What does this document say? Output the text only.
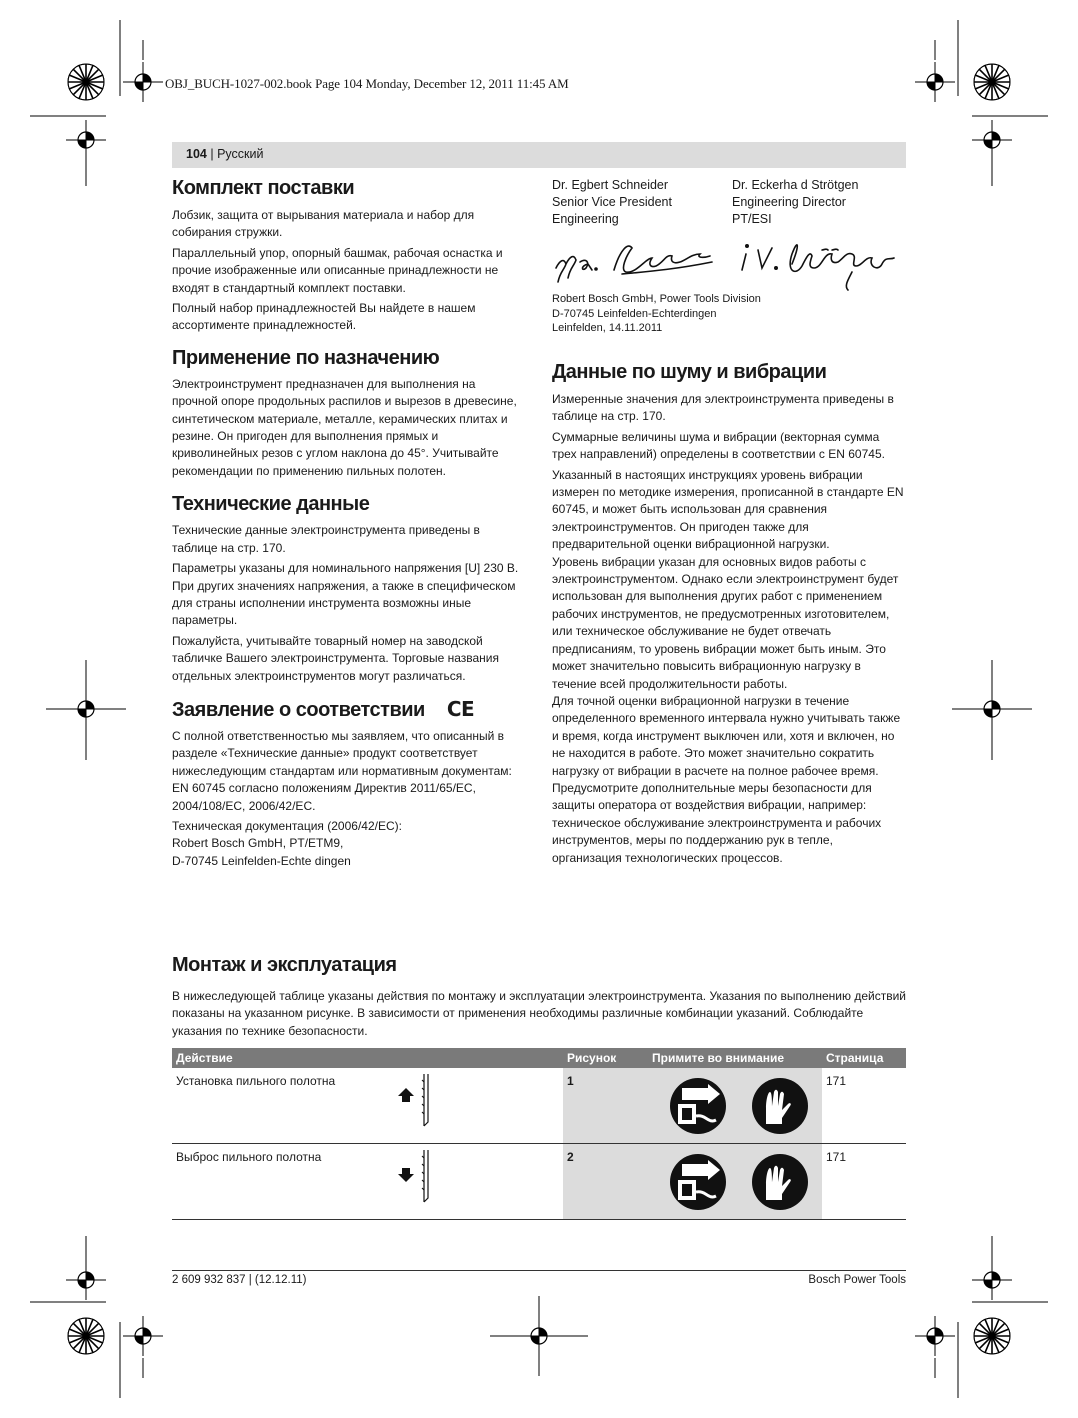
OBJ_BUCH-1027-002.book Page 104 Monday, December 12, 2011 11:45 AM
104 | Русский
Комплект поставки

Лобзик, защита от вырывания материала и набор для собирания стружки.

Параллельный упор, опорный башмак, рабочая оснастка и прочие изображенные или описанные принадлежности не входят в стандартный комплект поставки.

Полный набор принадлежностей Вы найдете в нашем ассортименте принадлежностей.

Применение по назначению

Электроинструмент предназначен для выполнения на прочной опоре продольных распилов и вырезов в древесине, синтетическом материале, металле, керамических плитах и резине. Он пригоден для выполнения прямых и криволинейных резов с углом наклона до 45°. Учитывайте рекомендации по применению пильных полотен.

Технические данные

Технические данные электроинструмента приведены в таблице на стр. 170.

Параметры указаны для номинального напряжения [U] 230 В. При других значениях напряжения, а также в специфическом для страны исполнении инструмента возможны иные параметры.

Пожалуйста, учитывайте товарный номер на заводской табличке Вашего электроинструмента. Торговые названия отдельных электроинструментов могут различаться.

Заявление о соответствии CE

С полной ответственностью мы заявляем, что описанный в разделе «Технические данные» продукт соответствует нижеследующим стандартам или нормативным документам: EN 60745 согласно положениям Директив 2011/65/EC, 2004/108/EC, 2006/42/EC.

Техническая документация (2006/42/EC):
Robert Bosch GmbH, PT/ETM9,
D-70745 Leinfelden-Echte dingen

Dr. Egbert Schneider
Senior Vice President
Engineering
Dr. Eckerha d Strötgen
Engineering Director
PT/ESI
Robert Bosch GmbH, Power Tools Division
D-70745 Leinfelden-Echterdingen
Leinfelden, 14.11.2011
Данные по шуму и вибрации

Измеренные значения для электроинструмента приведены в таблице на стр. 170.

Суммарные величины шума и вибрации (векторная сумма трех направлений) определены в соответствии с EN 60745.

Указанный в настоящих инструкциях уровень вибрации измерен по методике измерения, прописанной в стандарте EN 60745, и может быть использован для сравнения электроинструментов. Он пригоден также для предварительной оценки вибрационной нагрузки.

Уровень вибрации указан для основных видов работы с электроинструментом. Однако если электроинструмент будет использован для выполнения других работ с применением рабочих инструментов, не предусмотренных изготовителем, или техническое обслуживание не будет отвечать предписаниям, то уровень вибрации может быть иным. Это может значительно повысить вибрационную нагрузку в течение всей продолжительности работы.

Для точной оценки вибрационной нагрузки в течение определенного временного интервала нужно учитывать также и время, когда инструмент выключен или, хотя и включен, но не находится в работе. Это может значительно сократить нагрузку от вибрации в расчете на полное рабочее время.

Предусмотрите дополнительные меры безопасности для защиты оператора от воздействия вибрации, например: техническое обслуживание электроинструмента и рабочих инструментов, меры по поддержанию рук в тепле, организация технологических процессов.

Монтаж и эксплуатация
В нижеследующей таблице указаны действия по монтажу и эксплуатации электроинструмента. Указания по выполнению действий показаны на указанном рисунке. В зависимости от применения необходимы различные комбинации указаний. Соблюдайте указания по технике безопасности.
Действие	Рисунок	Примите во внимание	Страница
Установка пильного полотна	1		171
Выброс пильного полотна	2		171
2 609 932 837 | (12.12.11)	Bosch Power Tools
